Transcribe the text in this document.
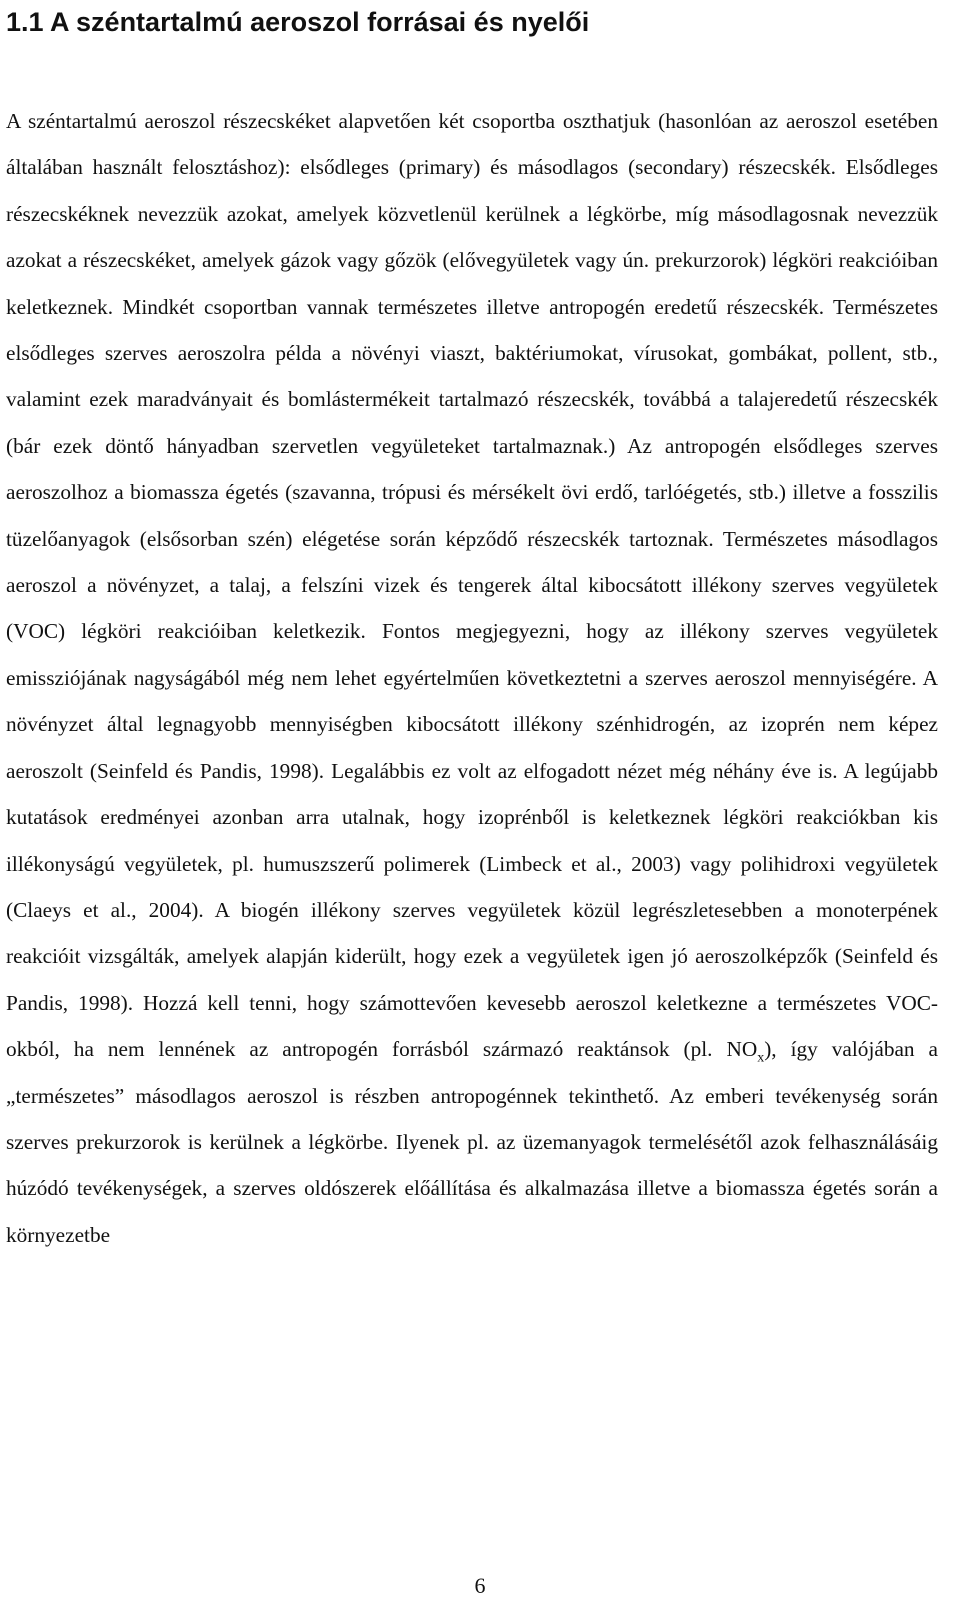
1.1 A széntartalmú aeroszol forrásai és nyelői

A széntartalmú aeroszol részecskéket alapvetően két csoportba oszthatjuk (hasonlóan az aeroszol esetében általában használt felosztáshoz): elsődleges (primary) és másodlagos (secondary) részecskék. Elsődleges részecskéknek nevezzük azokat, amelyek közvetlenül kerülnek a légkörbe, míg másodlagosnak nevezzük azokat a részecskéket, amelyek gázok vagy gőzök (elővegyületek vagy ún. prekurzorok) légköri reakcióiban keletkeznek. Mindkét csoportban vannak természetes illetve antropogén eredetű részecskék. Természetes elsődleges szerves aeroszolra példa a növényi viaszt, baktériumokat, vírusokat, gombákat, pollent, stb., valamint ezek maradványait és bomlástermékeit tartalmazó részecskék, továbbá a talajeredetű részecskék (bár ezek döntő hányadban szervetlen vegyületeket tartalmaznak.) Az antropogén elsődleges szerves aeroszolhoz a biomassza égetés (szavanna, trópusi és mérsékelt övi erdő, tarlóégetés, stb.) illetve a fosszilis tüzelőanyagok (elsősorban szén) elégetése során képződő részecskék tartoznak. Természetes másodlagos aeroszol a növényzet, a talaj, a felszíni vizek és tengerek által kibocsátott illékony szerves vegyületek (VOC) légköri reakcióiban keletkezik. Fontos megjegyezni, hogy az illékony szerves vegyületek emissziójának nagyságából még nem lehet egyértelműen következtetni a szerves aeroszol mennyiségére. A növényzet által legnagyobb mennyiségben kibocsátott illékony szénhidrogén, az izoprén nem képez aeroszolt (Seinfeld és Pandis, 1998). Legalábbis ez volt az elfogadott nézet még néhány éve is. A legújabb kutatások eredményei azonban arra utalnak, hogy izoprénből is keletkeznek légköri reakciókban kis illékonyságú vegyületek, pl. humuszszerű polimerek (Limbeck et al., 2003) vagy polihidroxi vegyületek (Claeys et al., 2004). A biogén illékony szerves vegyületek közül legrészletesebben a monoterpének reakcióit vizsgálták, amelyek alapján kiderült, hogy ezek a vegyületek igen jó aeroszolképzők (Seinfeld és Pandis, 1998). Hozzá kell tenni, hogy számottevően kevesebb aeroszol keletkezne a természetes VOC-okból, ha nem lennének az antropogén forrásból származó reaktánsok (pl. $NO_x$), így valójában a „természetes” másodlagos aeroszol is részben antropogénnek tekinthető. Az emberi tevékenység során szerves prekurzorok is kerülnek a légkörbe. Ilyenek pl. az üzemanyagok termelésétől azok felhasználásáig húzódó tevékenységek, a szerves oldószerek előállítása és alkalmazása illetve a biomassza égetés során a környezetbe

6
